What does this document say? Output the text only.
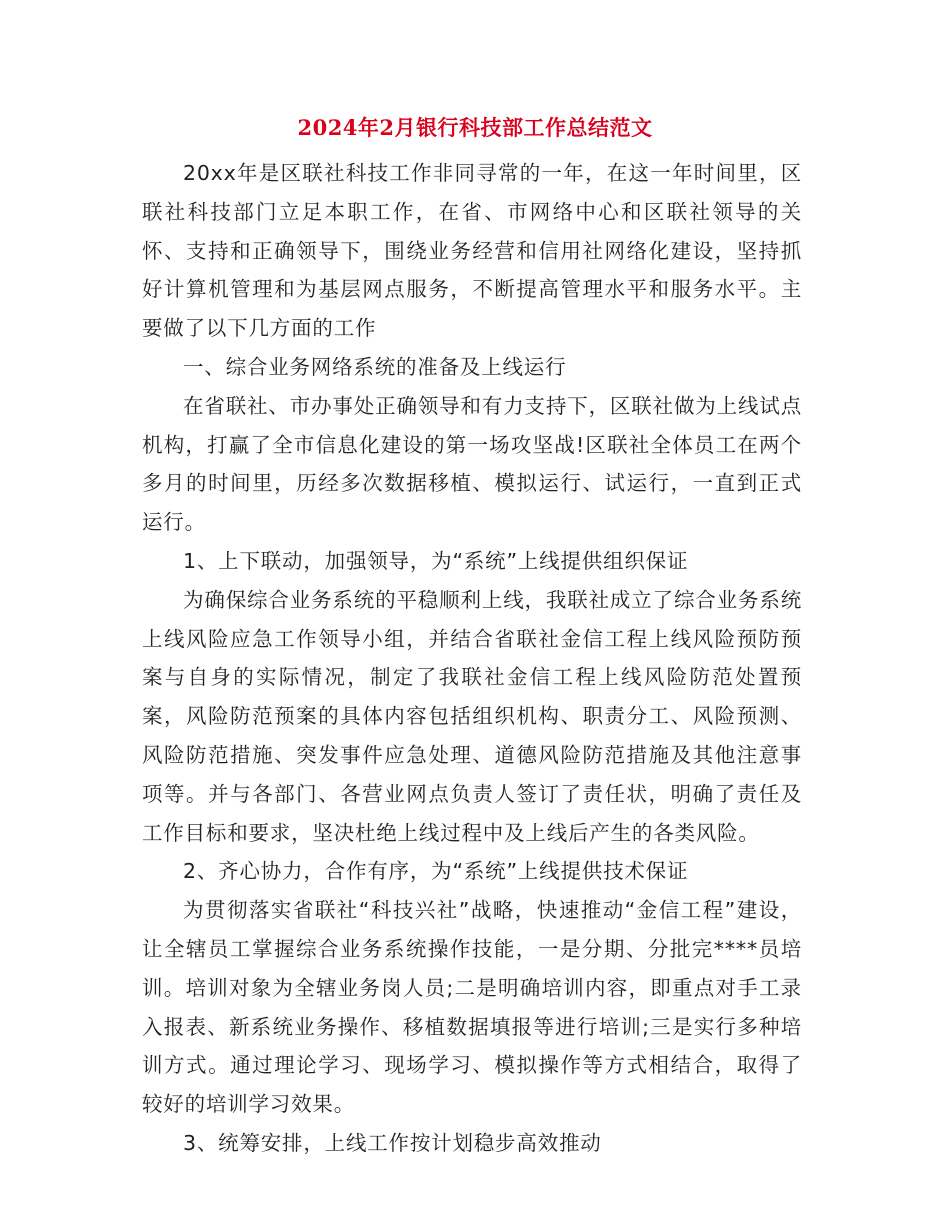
2024年2月银行科技部工作总结范文

20xx年是区联社科技工作非同寻常的一年，在这一年时间里，区联社科技部门立足本职工作，在省、市网络中心和区联社领导的关怀、支持和正确领导下，围绕业务经营和信用社网络化建设，坚持抓好计算机管理和为基层网点服务，不断提高管理水平和服务水平。主要做了以下几方面的工作

一、综合业务网络系统的准备及上线运行

在省联社、市办事处正确领导和有力支持下，区联社做为上线试点机构，打赢了全市信息化建设的第一场攻坚战!区联社全体员工在两个多月的时间里，历经多次数据移植、模拟运行、试运行，一直到正式运行。

1、上下联动，加强领导，为“系统”上线提供组织保证

为确保综合业务系统的平稳顺利上线，我联社成立了综合业务系统上线风险应急工作领导小组，并结合省联社金信工程上线风险预防预案与自身的实际情况，制定了我联社金信工程上线风险防范处置预案，风险防范预案的具体内容包括组织机构、职责分工、风险预测、风险防范措施、突发事件应急处理、道德风险防范措施及其他注意事项等。并与各部门、各营业网点负责人签订了责任状，明确了责任及工作目标和要求，坚决杜绝上线过程中及上线后产生的各类风险。

2、齐心协力，合作有序，为“系统”上线提供技术保证

为贯彻落实省联社“科技兴社”战略，快速推动“金信工程”建设，让全辖员工掌握综合业务系统操作技能，一是分期、分批完****员培训。培训对象为全辖业务岗人员;二是明确培训内容，即重点对手工录入报表、新系统业务操作、移植数据填报等进行培训;三是实行多种培训方式。通过理论学习、现场学习、模拟操作等方式相结合，取得了较好的培训学习效果。

3、统筹安排，上线工作按计划稳步高效推动
